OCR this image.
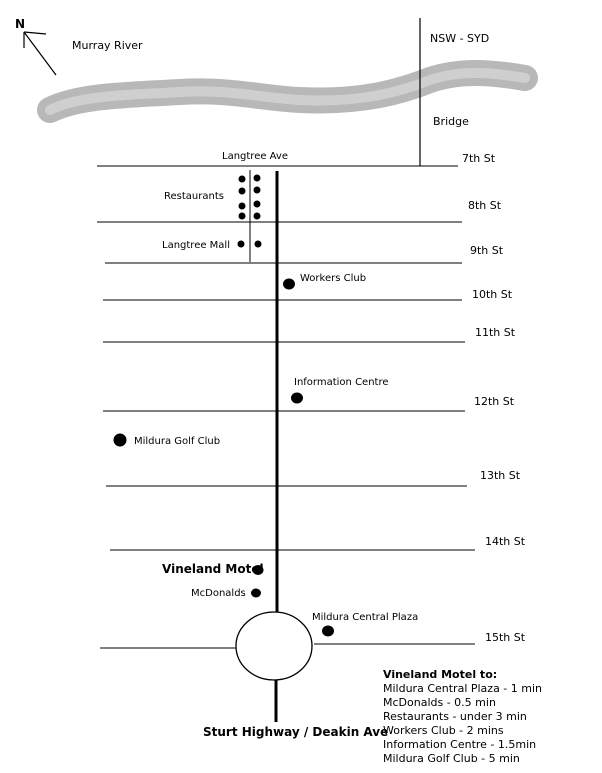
N
Murray River
NSW - SYD
Bridge
Langtree Ave	7th St
8th St
9th St
10th St
11th St
12th St
13th St
14th St
15th St
Restaurants
Langtree Mall
Workers Club
Information Centre
Mildura Golf Club
Vineland Motel
McDonalds
Mildura Central Plaza
Sturt Highway / Deakin Ave
Vineland Motel to:
Mildura Central Plaza - 1 min
McDonalds - 0.5 min
Restaurants - under 3 min
Workers Club - 2 mins
Information Centre - 1.5min
Mildura Golf Club - 5 min
